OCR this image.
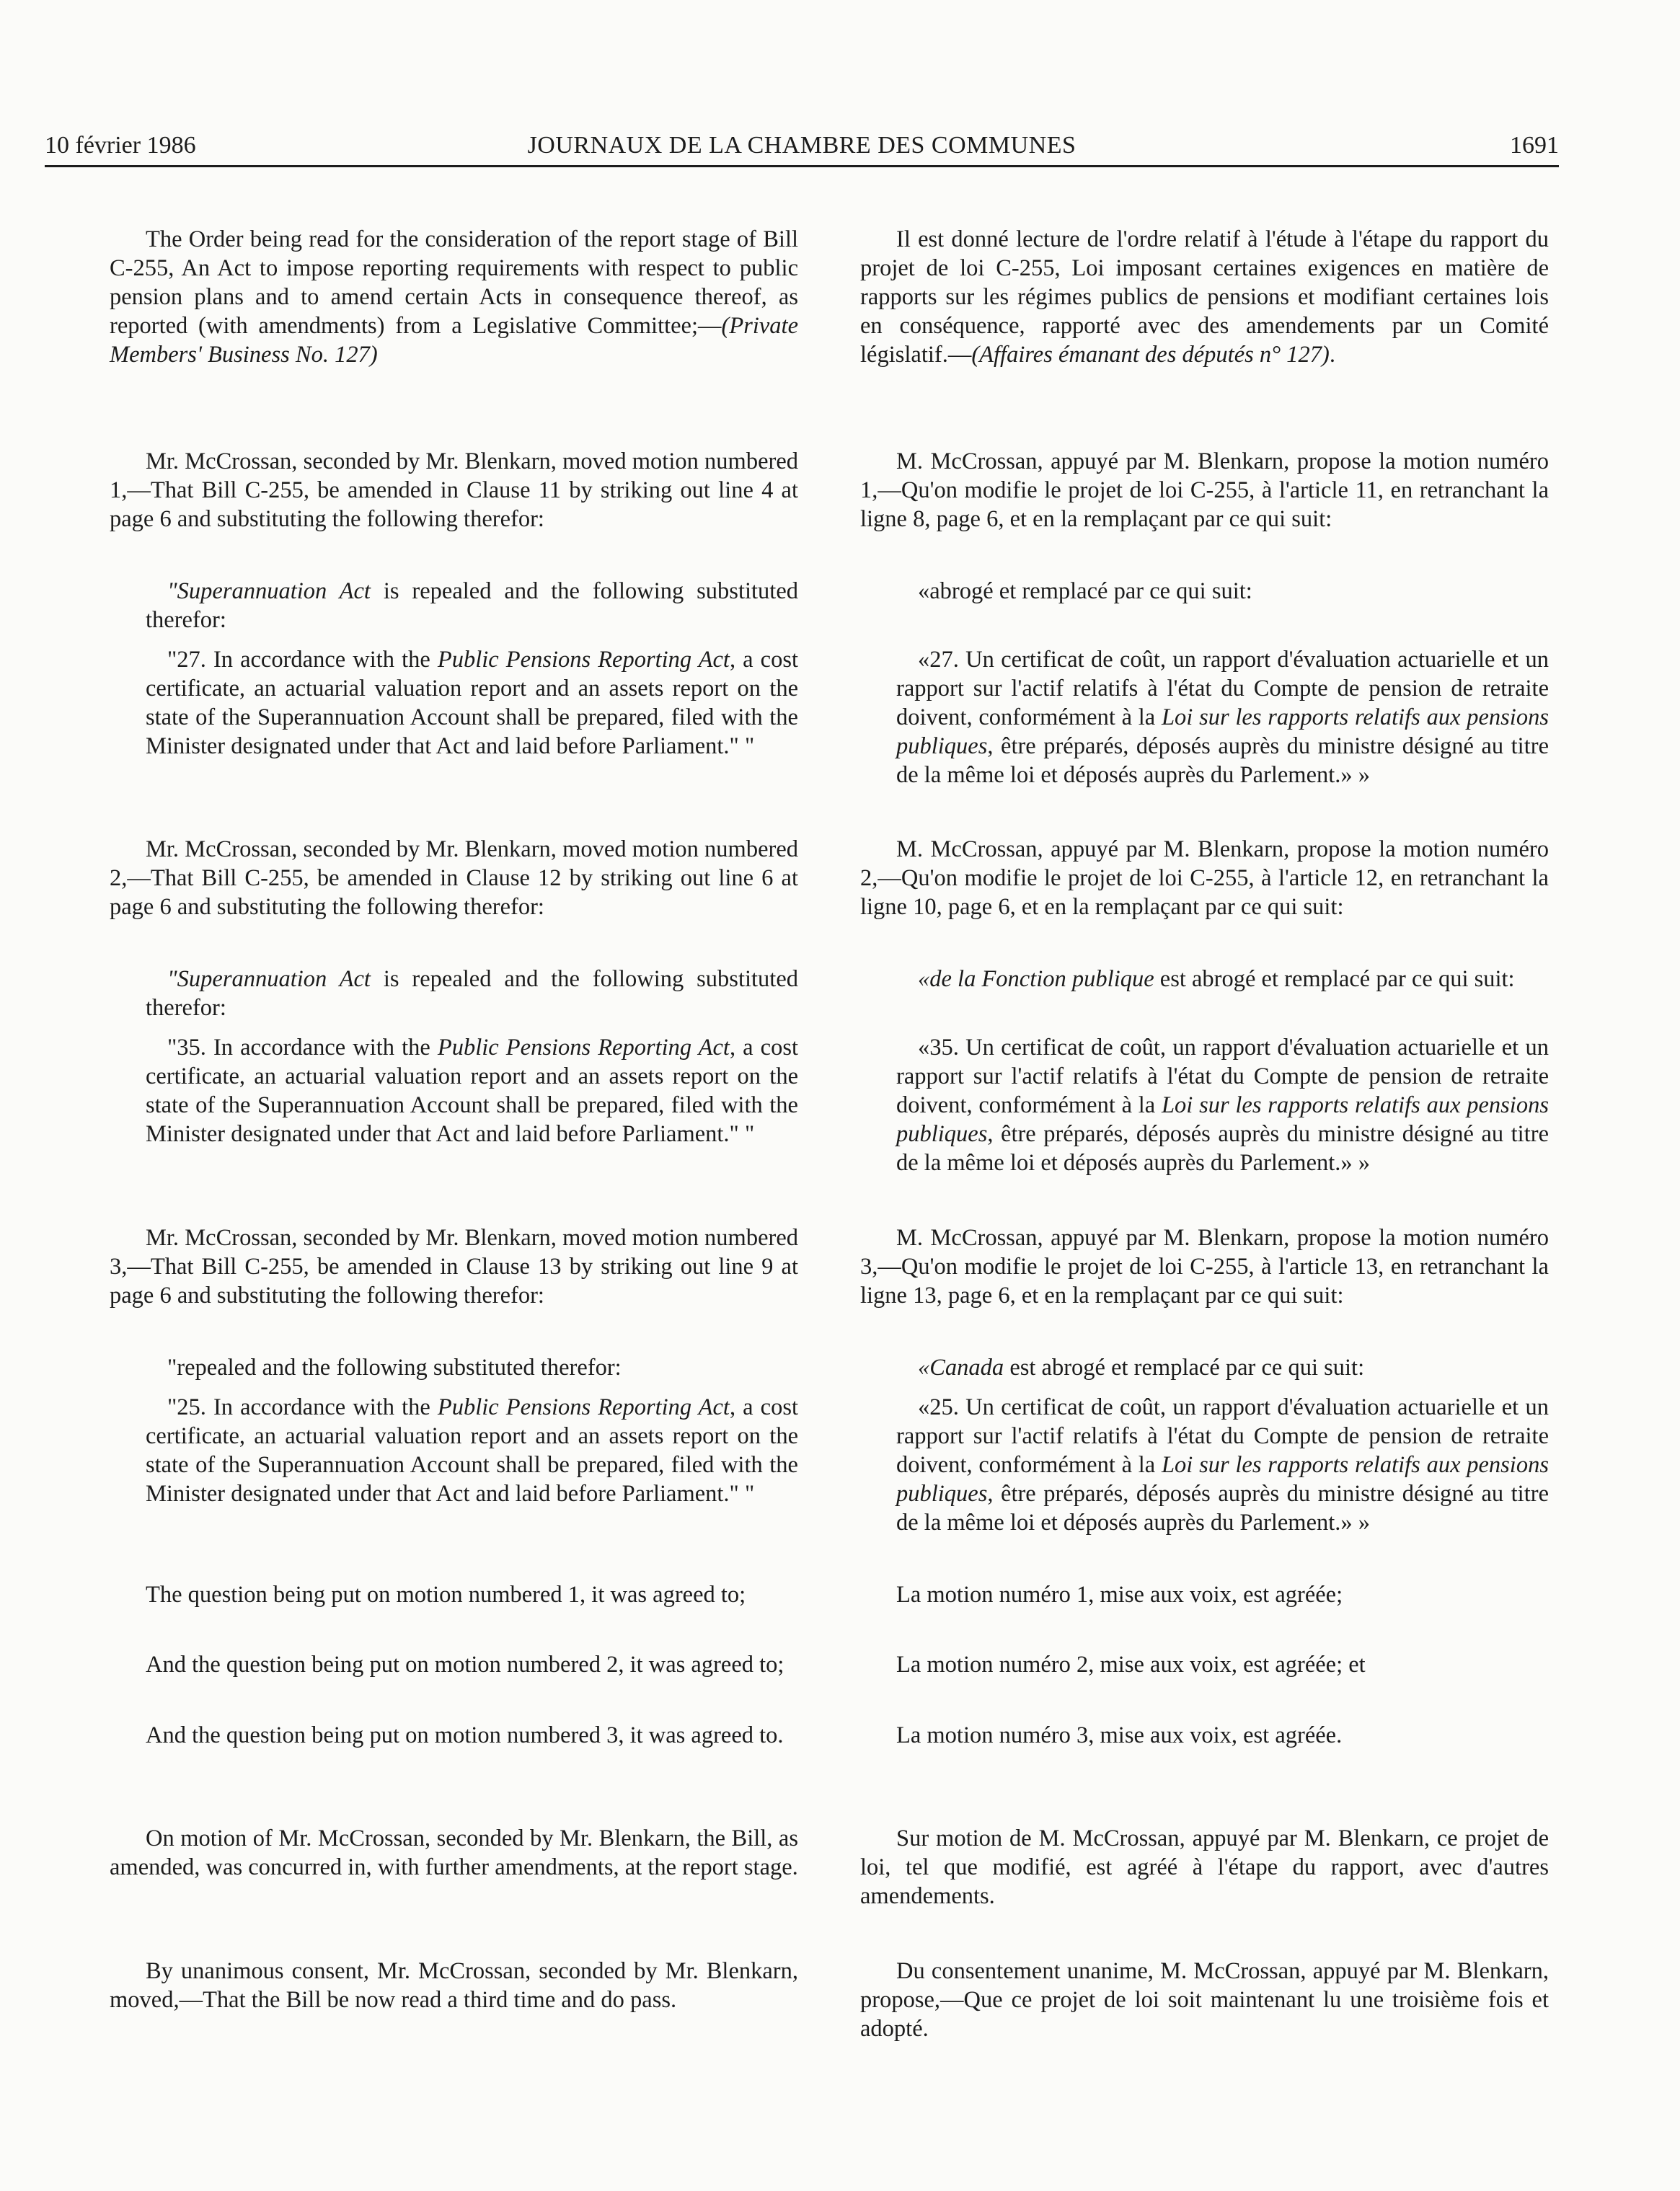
10 février 1986	JOURNAUX DE LA CHAMBRE DES COMMUNES	1691

The Order being read for the consideration of the report stage of Bill C-255, An Act to impose reporting requirements with respect to public pension plans and to amend certain Acts in consequence thereof, as reported (with amendments) from a Legislative Committee;—(Private Members' Business No. 127)

Mr. McCrossan, seconded by Mr. Blenkarn, moved motion numbered 1,—That Bill C-255, be amended in Clause 11 by striking out line 4 at page 6 and substituting the following therefor:

"Superannuation Act is repealed and the following substituted therefor:

"27. In accordance with the Public Pensions Reporting Act, a cost certificate, an actuarial valuation report and an assets report on the state of the Superannuation Account shall be prepared, filed with the Minister designated under that Act and laid before Parliament." "

Mr. McCrossan, seconded by Mr. Blenkarn, moved motion numbered 2,—That Bill C-255, be amended in Clause 12 by striking out line 6 at page 6 and substituting the following therefor:

"Superannuation Act is repealed and the following substituted therefor:

"35. In accordance with the Public Pensions Reporting Act, a cost certificate, an actuarial valuation report and an assets report on the state of the Superannuation Account shall be prepared, filed with the Minister designated under that Act and laid before Parliament." "

Mr. McCrossan, seconded by Mr. Blenkarn, moved motion numbered 3,—That Bill C-255, be amended in Clause 13 by striking out line 9 at page 6 and substituting the following therefor:

"repealed and the following substituted therefor:

"25. In accordance with the Public Pensions Reporting Act, a cost certificate, an actuarial valuation report and an assets report on the state of the Superannuation Account shall be prepared, filed with the Minister designated under that Act and laid before Parliament." "

The question being put on motion numbered 1, it was agreed to;

And the question being put on motion numbered 2, it was agreed to;

And the question being put on motion numbered 3, it was agreed to.

On motion of Mr. McCrossan, seconded by Mr. Blenkarn, the Bill, as amended, was concurred in, with further amendments, at the report stage.

By unanimous consent, Mr. McCrossan, seconded by Mr. Blenkarn, moved,—That the Bill be now read a third time and do pass.

Il est donné lecture de l'ordre relatif à l'étude à l'étape du rapport du projet de loi C-255, Loi imposant certaines exigences en matière de rapports sur les régimes publics de pensions et modifiant certaines lois en conséquence, rapporté avec des amendements par un Comité législatif.—(Affaires émanant des députés n° 127).

M. McCrossan, appuyé par M. Blenkarn, propose la motion numéro 1,—Qu'on modifie le projet de loi C-255, à l'article 11, en retranchant la ligne 8, page 6, et en la remplaçant par ce qui suit:

«abrogé et remplacé par ce qui suit:

«27. Un certificat de coût, un rapport d'évaluation actuarielle et un rapport sur l'actif relatifs à l'état du Compte de pension de retraite doivent, conformément à la Loi sur les rapports relatifs aux pensions publiques, être préparés, déposés auprès du ministre désigné au titre de la même loi et déposés auprès du Parlement.» »

M. McCrossan, appuyé par M. Blenkarn, propose la motion numéro 2,—Qu'on modifie le projet de loi C-255, à l'article 12, en retranchant la ligne 10, page 6, et en la remplaçant par ce qui suit:

«de la Fonction publique est abrogé et remplacé par ce qui suit:

«35. Un certificat de coût, un rapport d'évaluation actuarielle et un rapport sur l'actif relatifs à l'état du Compte de pension de retraite doivent, conformément à la Loi sur les rapports relatifs aux pensions publiques, être préparés, déposés auprès du ministre désigné au titre de la même loi et déposés auprès du Parlement.» »

M. McCrossan, appuyé par M. Blenkarn, propose la motion numéro 3,—Qu'on modifie le projet de loi C-255, à l'article 13, en retranchant la ligne 13, page 6, et en la remplaçant par ce qui suit:

«Canada est abrogé et remplacé par ce qui suit:

«25. Un certificat de coût, un rapport d'évaluation actuarielle et un rapport sur l'actif relatifs à l'état du Compte de pension de retraite doivent, conformément à la Loi sur les rapports relatifs aux pensions publiques, être préparés, déposés auprès du ministre désigné au titre de la même loi et déposés auprès du Parlement.» »

La motion numéro 1, mise aux voix, est agréée;

La motion numéro 2, mise aux voix, est agréée; et

La motion numéro 3, mise aux voix, est agréée.

Sur motion de M. McCrossan, appuyé par M. Blenkarn, ce projet de loi, tel que modifié, est agréé à l'étape du rapport, avec d'autres amendements.

Du consentement unanime, M. McCrossan, appuyé par M. Blenkarn, propose,—Que ce projet de loi soit maintenant lu une troisième fois et adopté.
